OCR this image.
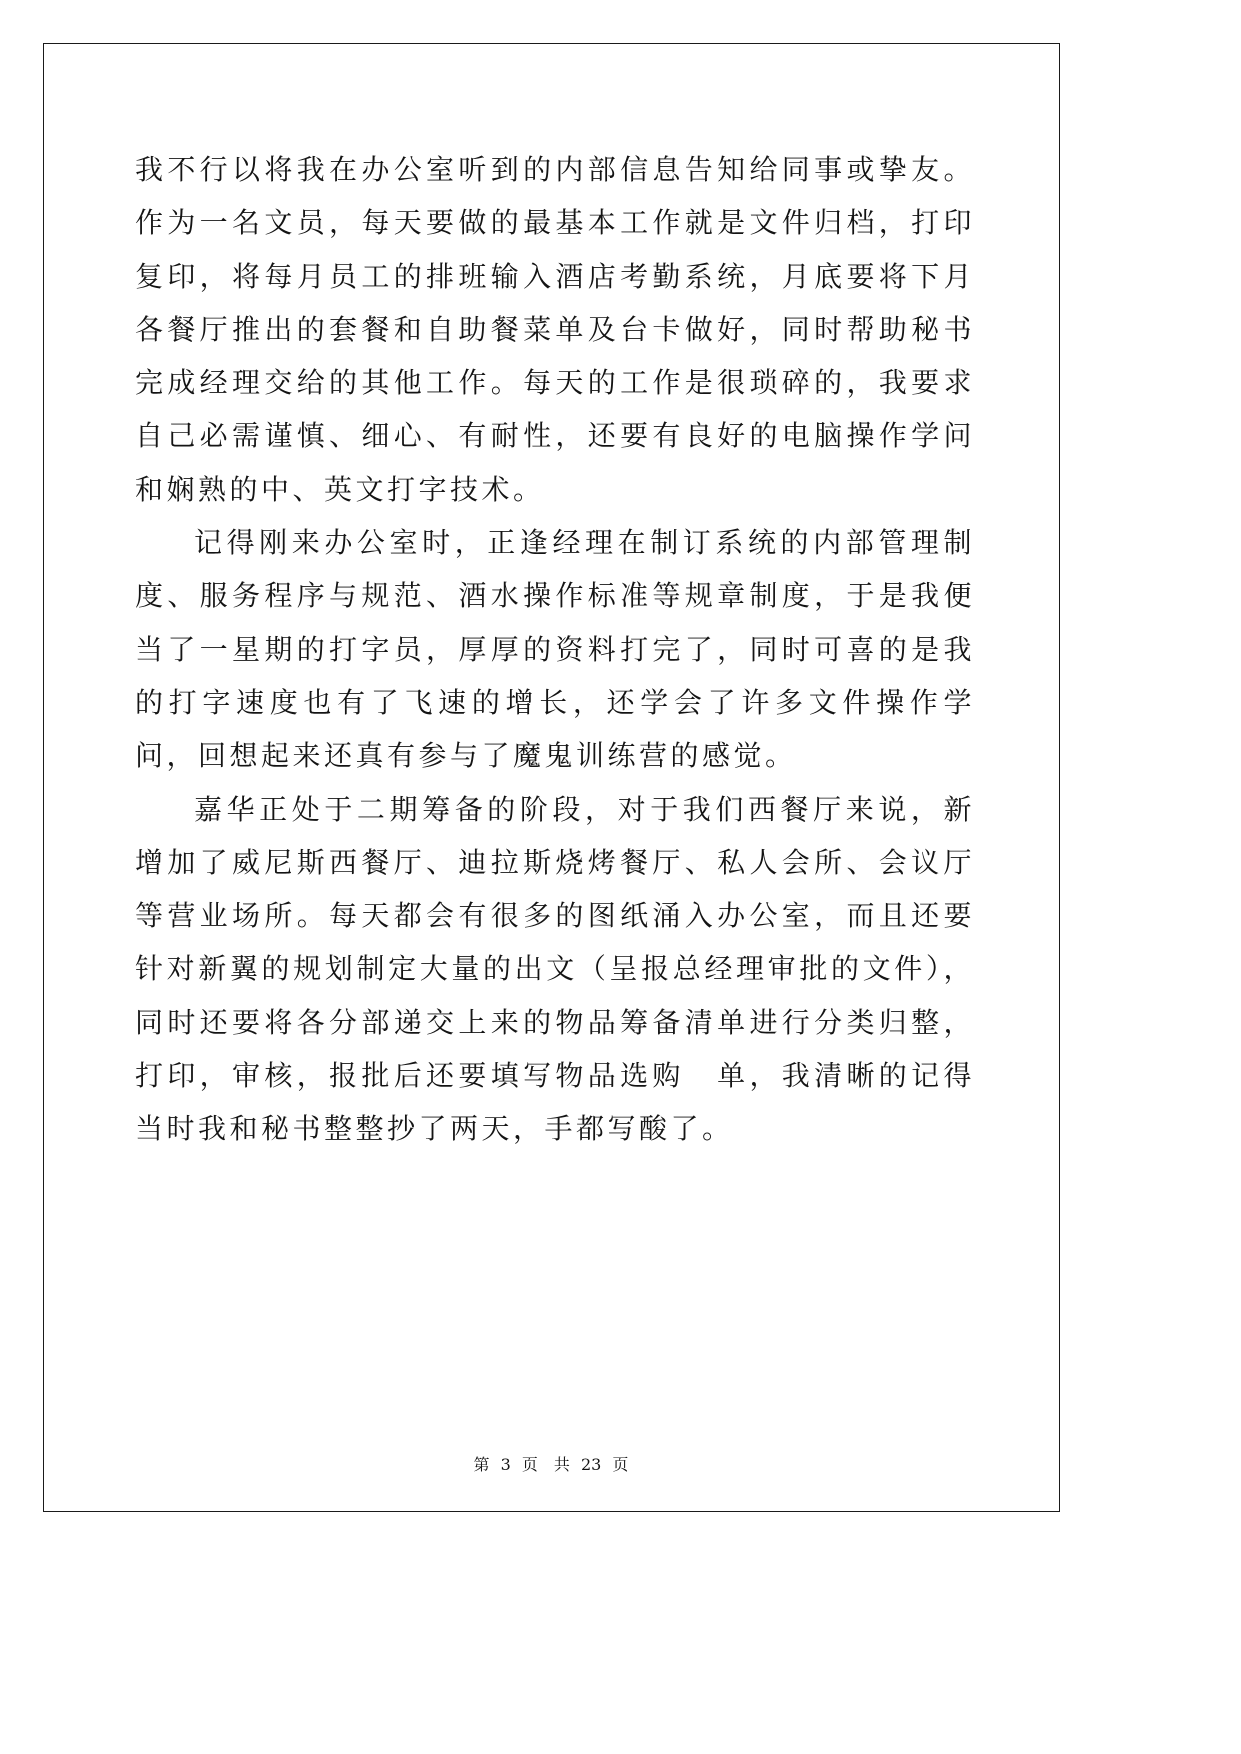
我不行以将我在办公室听到的内部信息告知给同事或挚友。作为一名文员，每天要做的最基本工作就是文件归档，打印复印，将每月员工的排班输入酒店考勤系统，月底要将下月各餐厅推出的套餐和自助餐菜单及台卡做好，同时帮助秘书完成经理交给的其他工作。每天的工作是很琐碎的，我要求自己必需谨慎、细心、有耐性，还要有良好的电脑操作学问和娴熟的中、英文打字技术。

记得刚来办公室时，正逢经理在制订系统的内部管理制度、服务程序与规范、酒水操作标准等规章制度，于是我便当了一星期的打字员，厚厚的资料打完了，同时可喜的是我的打字速度也有了飞速的增长，还学会了许多文件操作学问，回想起来还真有参与了魔鬼训练营的感觉。

嘉华正处于二期筹备的阶段，对于我们西餐厅来说，新增加了威尼斯西餐厅、迪拉斯烧烤餐厅、私人会所、会议厅等营业场所。每天都会有很多的图纸涌入办公室，而且还要针对新翼的规划制定大量的出文（呈报总经理审批的文件），同时还要将各分部递交上来的物品筹备清单进行分类归整，打印，审核，报批后还要填写物品选购　单，我清晰的记得当时我和秘书整整抄了两天，手都写酸了。

第 3 页　共 23 页
